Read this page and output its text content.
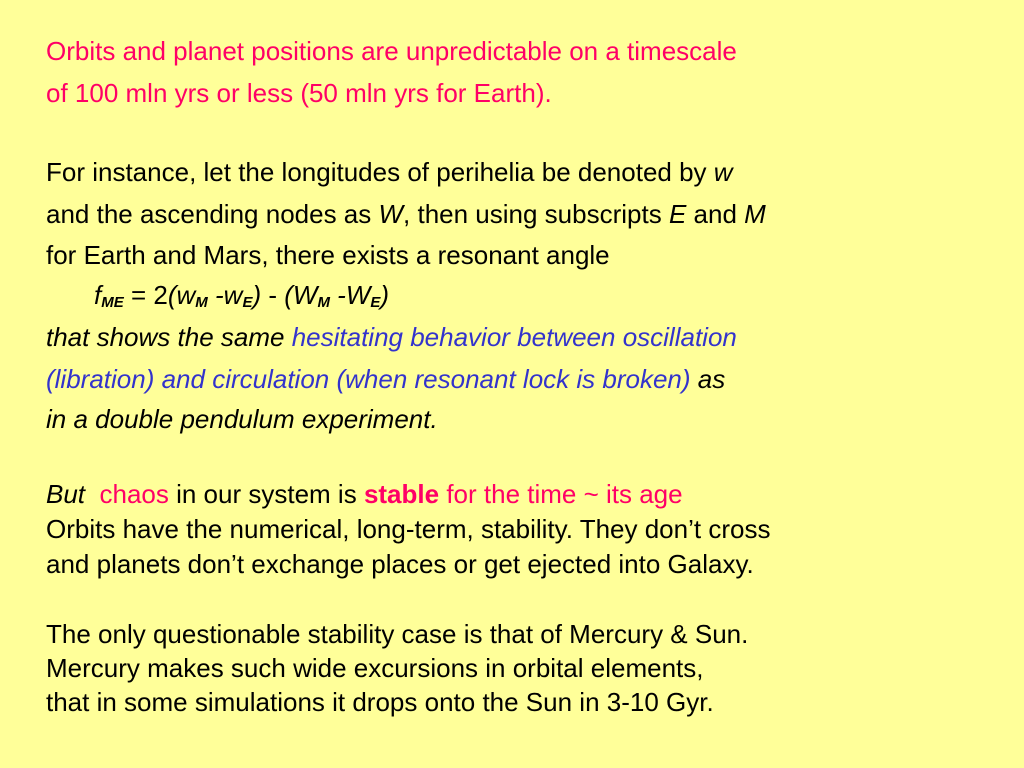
Orbits and planet positions are unpredictable on a timescale
of 100 mln yrs or less (50 mln yrs for Earth).
For instance, let the longitudes of perihelia be denoted by w
and the ascending nodes as W, then using subscripts E and M
for Earth and Mars, there exists a resonant angle
$f_{ME} = 2(w_M$ $-w_E) - (W_M$ $-W_E$)
that shows the same hesitating behavior between oscillation
(libration) and circulation (when resonant lock is broken) as
in a double pendulum experiment.
But chaos in our system is stable for the time ~ its age
Orbits have the numerical, long-term, stability. They don’t cross
and planets don’t exchange places or get ejected into Galaxy.
The only questionable stability case is that of Mercury & Sun.
Mercury makes such wide excursions in orbital elements,
that in some simulations it drops onto the Sun in 3-10 Gyr.
